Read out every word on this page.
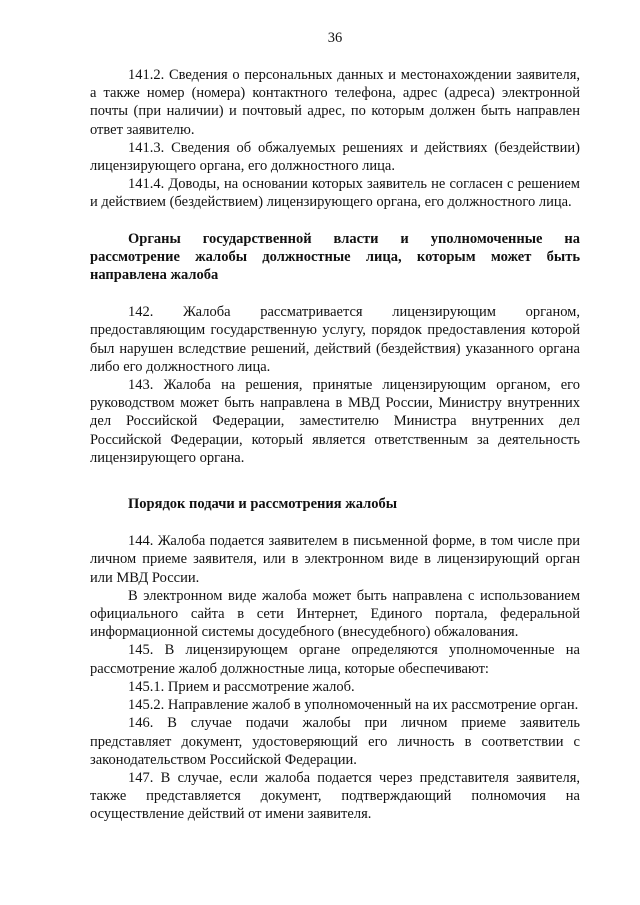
36

141.2. Сведения о персональных данных и местонахождении заявителя, а также номер (номера) контактного телефона, адрес (адреса) электронной почты (при наличии) и почтовый адрес, по которым должен быть направлен ответ заявителю.

141.3. Сведения об обжалуемых решениях и действиях (бездействии) лицензирующего органа, его должностного лица.

141.4. Доводы, на основании которых заявитель не согласен с решением и действием (бездействием) лицензирующего органа, его должностного лица.

Органы государственной власти и уполномоченные на рассмотрение жалобы должностные лица, которым может быть направлена жалоба

142. Жалоба рассматривается лицензирующим органом, предоставляющим государственную услугу, порядок предоставления которой был нарушен вследствие решений, действий (бездействия) указанного органа либо его должностного лица.

143. Жалоба на решения, принятые лицензирующим органом, его руководством может быть направлена в МВД России, Министру внутренних дел Российской Федерации, заместителю Министра внутренних дел Российской Федерации, который является ответственным за деятельность лицензирующего органа.

Порядок подачи и рассмотрения жалобы

144. Жалоба подается заявителем в письменной форме, в том числе при личном приеме заявителя, или в электронном виде в лицензирующий орган или МВД России.

В электронном виде жалоба может быть направлена с использованием официального сайта в сети Интернет, Единого портала, федеральной информационной системы досудебного (внесудебного) обжалования.

145. В лицензирующем органе определяются уполномоченные на рассмотрение жалоб должностные лица, которые обеспечивают:

145.1. Прием и рассмотрение жалоб.

145.2. Направление жалоб в уполномоченный на их рассмотрение орган.

146. В случае подачи жалобы при личном приеме заявитель представляет документ, удостоверяющий его личность в соответствии с законодательством Российской Федерации.

147. В случае, если жалоба подается через представителя заявителя, также представляется документ, подтверждающий полномочия на осуществление действий от имени заявителя.
